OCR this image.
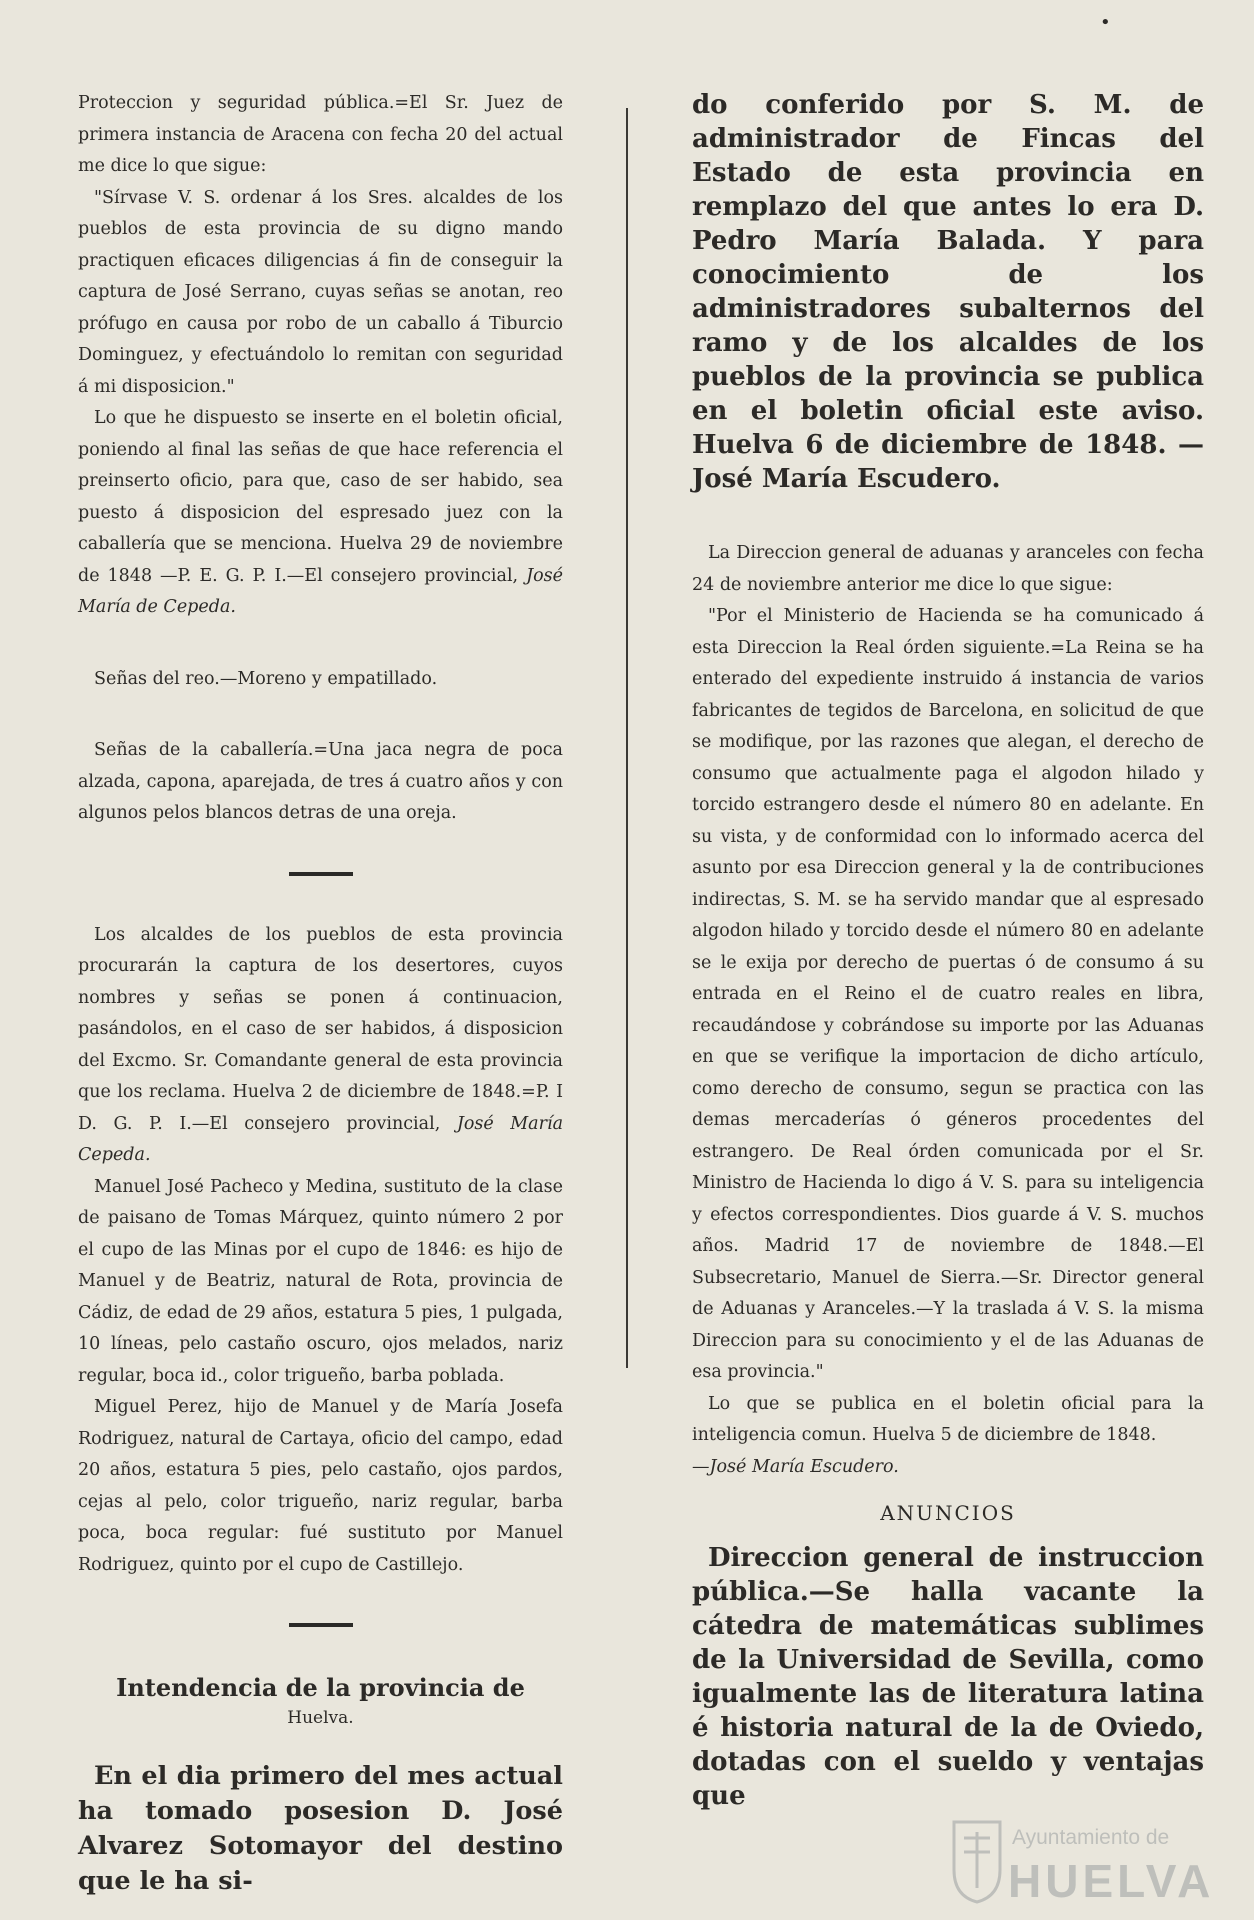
•

Proteccion y seguridad pública.=El Sr. Juez de primera instancia de Aracena con fecha 20 del actual me dice lo que sigue:

"Sírvase V. S. ordenar á los Sres. alcaldes de los pueblos de esta provincia de su digno mando practiquen eficaces diligencias á fin de conseguir la captura de José Serrano, cuyas señas se anotan, reo prófugo en causa por robo de un caballo á Tiburcio Dominguez, y efectuándolo lo remitan con seguridad á mi disposicion."

Lo que he dispuesto se inserte en el boletin oficial, poniendo al final las señas de que hace referencia el preinserto oficio, para que, caso de ser habido, sea puesto á disposicion del espresado juez con la caballería que se menciona. Huelva 29 de noviembre de 1848 —P. E. G. P. I.—El consejero provincial, José María de Cepeda.

Señas del reo.—Moreno y empatillado.

Señas de la caballería.=Una jaca negra de poca alzada, capona, aparejada, de tres á cuatro años y con algunos pelos blancos detras de una oreja.

Los alcaldes de los pueblos de esta provincia procurarán la captura de los desertores, cuyos nombres y señas se ponen á continuacion, pasándolos, en el caso de ser habidos, á disposicion del Excmo. Sr. Comandante general de esta provincia que los reclama. Huelva 2 de diciembre de 1848.=P. I D. G. P. I.—El consejero provincial, José María Cepeda.

Manuel José Pacheco y Medina, sustituto de la clase de paisano de Tomas Márquez, quinto número 2 por el cupo de las Minas por el cupo de 1846: es hijo de Manuel y de Beatriz, natural de Rota, provincia de Cádiz, de edad de 29 años, estatura 5 pies, 1 pulgada, 10 líneas, pelo castaño oscuro, ojos melados, nariz regular, boca id., color trigueño, barba poblada.

Miguel Perez, hijo de Manuel y de María Josefa Rodriguez, natural de Cartaya, oficio del campo, edad 20 años, estatura 5 pies, pelo castaño, ojos pardos, cejas al pelo, color trigueño, nariz regular, barba poca, boca regular: fué sustituto por Manuel Rodriguez, quinto por el cupo de Castillejo.

Intendencia de la provincia de
Huelva.

En el dia primero del mes actual ha tomado posesion D. José Alvarez Sotomayor del destino que le ha si-

do conferido por S. M. de administrador de Fincas del Estado de esta provincia en remplazo del que antes lo era D. Pedro María Balada. Y para conocimiento de los administradores subalternos del ramo y de los alcaldes de los pueblos de la provincia se publica en el boletin oficial este aviso. Huelva 6 de diciembre de 1848. —José María Escudero.

La Direccion general de aduanas y aranceles con fecha 24 de noviembre anterior me dice lo que sigue:

"Por el Ministerio de Hacienda se ha comunicado á esta Direccion la Real órden siguiente.=La Reina se ha enterado del expediente instruido á instancia de varios fabricantes de tegidos de Barcelona, en solicitud de que se modifique, por las razones que alegan, el derecho de consumo que actualmente paga el algodon hilado y torcido estrangero desde el número 80 en adelante. En su vista, y de conformidad con lo informado acerca del asunto por esa Direccion general y la de contribuciones indirectas, S. M. se ha servido mandar que al espresado algodon hilado y torcido desde el número 80 en adelante se le exija por derecho de puertas ó de consumo á su entrada en el Reino el de cuatro reales en libra, recaudándose y cobrándose su importe por las Aduanas en que se verifique la importacion de dicho artículo, como derecho de consumo, segun se practica con las demas mercaderías ó géneros procedentes del estrangero. De Real órden comunicada por el Sr. Ministro de Hacienda lo digo á V. S. para su inteligencia y efectos correspondientes. Dios guarde á V. S. muchos años. Madrid 17 de noviembre de 1848.—El Subsecretario, Manuel de Sierra.—Sr. Director general de Aduanas y Aranceles.—Y la traslada á V. S. la misma Direccion para su conocimiento y el de las Aduanas de esa provincia."

Lo que se publica en el boletin oficial para la inteligencia comun. Huelva 5 de diciembre de 1848.

—José María Escudero.

ANUNCIOS

Direccion general de instruccion pública.—Se halla vacante la cátedra de matemáticas sublimes de la Universidad de Sevilla, como igualmente las de literatura latina é historia natural de la de Oviedo, dotadas con el sueldo y ventajas que

Ayuntamiento de
HUELVA
